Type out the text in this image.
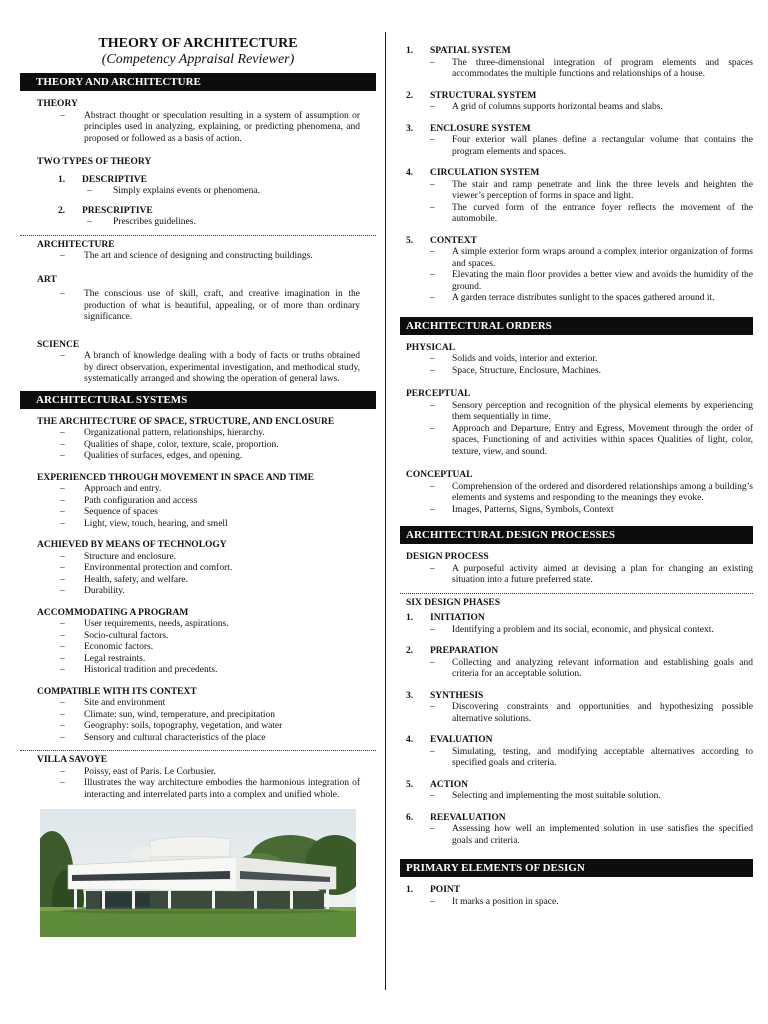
THEORY OF ARCHITECTURE
(Competency Appraisal Reviewer)
THEORY AND ARCHITECTURE
THEORY
–	Abstract thought or speculation resulting in a system of assumption or principles used in analyzing, explaining, or predicting phenomena, and proposed or followed as a basis of action.
TWO TYPES OF THEORY
1.	DESCRIPTIVE
–	Simply explains events or phenomena.
2.	PRESCRIPTIVE
–	Prescribes guidelines.
ARCHITECTURE
–	The art and science of designing and constructing buildings.
ART
–	The conscious use of skill, craft, and creative imagination in the production of what is beautiful, appealing, or of more than ordinary significance.
SCIENCE
–	A branch of knowledge dealing with a body of facts or truths obtained by direct observation, experimental investigation, and methodical study, systematically arranged and showing the operation of general laws.
ARCHITECTURAL SYSTEMS
THE ARCHITECTURE OF SPACE, STRUCTURE, AND ENCLOSURE
–	Organizational pattern, relationships, hierarchy.
–	Qualities of shape, color, texture, scale, proportion.
–	Qualities of surfaces, edges, and opening.
EXPERIENCED THROUGH MOVEMENT IN SPACE AND TIME
–	Approach and entry.
–	Path configuration and access
–	Sequence of spaces
–	Light, view, touch, hearing, and smell
ACHIEVED BY MEANS OF TECHNOLOGY
–	Structure and enclosure.
–	Environmental protection and comfort.
–	Health, safety, and welfare.
–	Durability.
ACCOMMODATING A PROGRAM
–	User requirements, needs, aspirations.
–	Socio-cultural factors.
–	Economic factors.
–	Legal restraints.
–	Historical tradition and precedents.
COMPATIBLE WITH ITS CONTEXT
–	Site and environment
–	Climate: sun, wind, temperature, and precipitation
–	Geography: soils, topography, vegetation, and water
–	Sensory and cultural characteristics of the place
VILLA SAVOYE
–	Poissy, east of Paris. Le Corbusier.
–	Illustrates the way architecture embodies the harmonious integration of interacting and interrelated parts into a complex and unified whole.
1.	SPATIAL SYSTEM
–	The three-dimensional integration of program elements and spaces accommodates the multiple functions and relationships of a house.
2.	STRUCTURAL SYSTEM
–	A grid of columns supports horizontal beams and slabs.
3.	ENCLOSURE SYSTEM
–	Four exterior wall planes define a rectangular volume that contains the program elements and spaces.
4.	CIRCULATION SYSTEM
–	The stair and ramp penetrate and link the three levels and heighten the viewer’s perception of forms in space and light.
–	The curved form of the entrance foyer reflects the movement of the automobile.
5.	CONTEXT
–	A simple exterior form wraps around a complex interior organization of forms and spaces.
–	Elevating the main floor provides a better view and avoids the humidity of the ground.
–	A garden terrace distributes sunlight to the spaces gathered around it.
ARCHITECTURAL ORDERS
PHYSICAL
–	Solids and voids, interior and exterior.
–	Space, Structure, Enclosure, Machines.
PERCEPTUAL
–	Sensory perception and recognition of the physical elements by experiencing them sequentially in time.
–	Approach and Departure, Entry and Egress, Movement through the order of spaces, Functioning of and activities within spaces Qualities of light, color, texture, view, and sound.
CONCEPTUAL
–	Comprehension of the ordered and disordered relationships among a building’s elements and systems and responding to the meanings they evoke.
–	Images, Patterns, Signs, Symbols, Context
ARCHITECTURAL DESIGN PROCESSES
DESIGN PROCESS
–	A purposeful activity aimed at devising a plan for changing an existing situation into a future preferred state.
SIX DESIGN PHASES
1.	INITIATION
–	Identifying a problem and its social, economic, and physical context.
2.	PREPARATION
–	Collecting and analyzing relevant information and establishing goals and criteria for an acceptable solution.
3.	SYNTHESIS
–	Discovering constraints and opportunities and hypothesizing possible alternative solutions.
4.	EVALUATION
–	Simulating, testing, and modifying acceptable alternatives according to specified goals and criteria.
5.	ACTION
–	Selecting and implementing the most suitable solution.
6.	REEVALUATION
–	Assessing how well an implemented solution in use satisfies the specified goals and criteria.
PRIMARY ELEMENTS OF DESIGN
1.	POINT
–	It marks a position in space.
